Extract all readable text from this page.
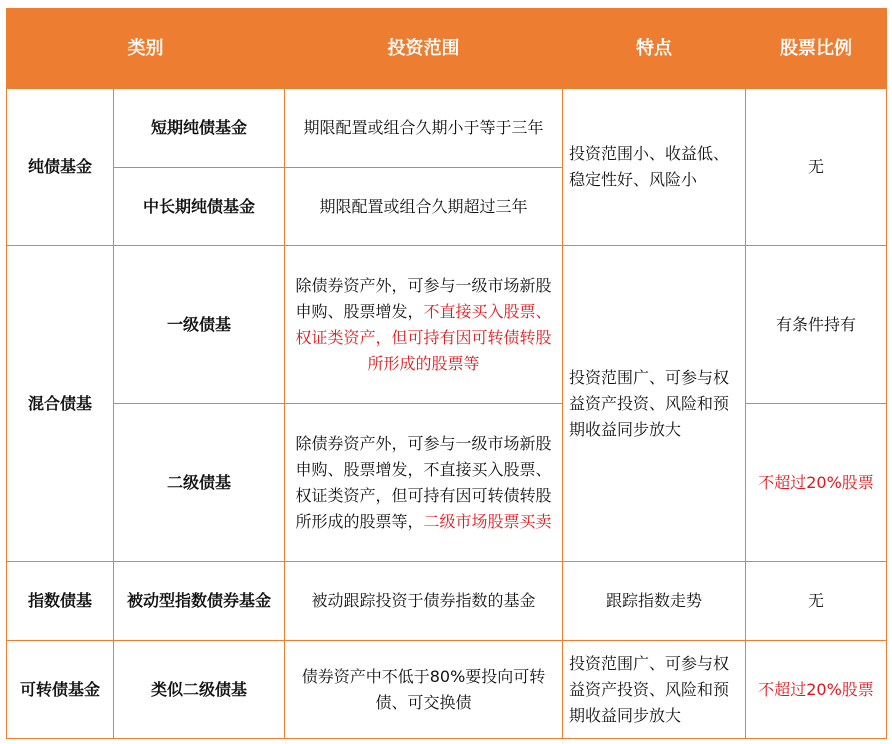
类别		投资范围	特点	股票比例
纯债基金	短期纯债基金	期限配置或组合久期小于等于三年	投资范围小、收益低、稳定性好、风险小	无
	中长期纯债基金	期限配置或组合久期超过三年		
混合债基	一级债基	除债券资产外，可参与一级市场新股申购、股票增发，不直接买入股票、权证类资产，但可持有因可转债转股所形成的股票等	投资范围广、可参与权益资产投资、风险和预期收益同步放大	有条件持有
	二级债基	除债券资产外，可参与一级市场新股申购、股票增发，不直接买入股票、权证类资产，但可持有因可转债转股所形成的股票等，二级市场股票买卖		不超过20%股票
指数债基	被动型指数债券基金	被动跟踪投资于债券指数的基金	跟踪指数走势	无
可转债基金	类似二级债基	债券资产中不低于80%要投向可转债、可交换债	投资范围广、可参与权益资产投资、风险和预期收益同步放大	不超过20%股票
